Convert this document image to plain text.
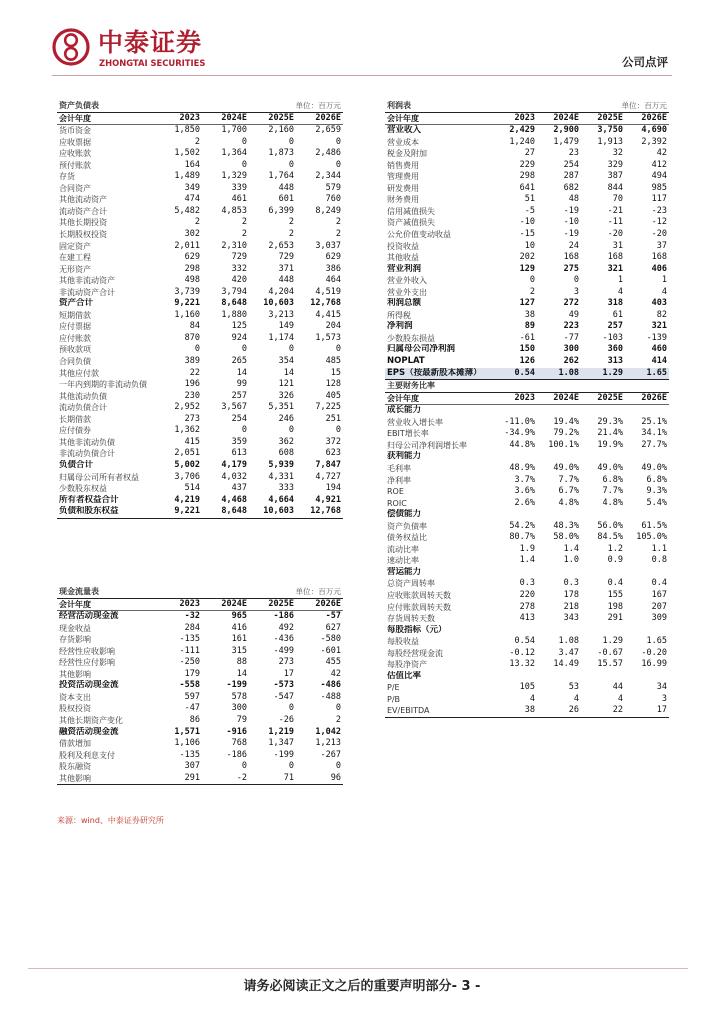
中泰证券
ZHONGTAI SECURITIES	公司点评
资产负债表		单位：百万元		
会计年度	2023	2024E	2025E	2026E
货币资金	1,850	1,700	2,160	2,659
应收票据	2	0	0	0
应收账款	1,502	1,364	1,873	2,486
预付账款	164	0	0	0
存货	1,489	1,329	1,764	2,344
合同资产	349	339	448	579
其他流动资产	474	461	601	760
流动资产合计	5,482	4,853	6,399	8,249
其他长期投资	2	2	2	2
长期股权投资	302	2	2	2
固定资产	2,011	2,310	2,653	3,037
在建工程	629	729	729	629
无形资产	298	332	371	386
其他非流动资产	498	420	448	464
非流动资产合计	3,739	3,794	4,204	4,519
资产合计	9,221	8,648	10,603	12,768
短期借款	1,160	1,880	3,213	4,415
应付票据	84	125	149	204
应付账款	870	924	1,174	1,573
预收款项	0	0	0	0
合同负债	389	265	354	485
其他应付款	22	14	14	15
一年内到期的非流动负债	196	99	121	128
其他流动负债	230	257	326	405
流动负债合计	2,952	3,567	5,351	7,225
长期借款	273	254	246	251
应付债券	1,362	0	0	0
其他非流动负债	415	359	362	372
非流动负债合计	2,051	613	608	623
负债合计	5,002	4,179	5,939	7,847
归属母公司所有者权益	3,706	4,032	4,331	4,727
少数股东权益	514	437	333	194
所有者权益合计	4,219	4,468	4,664	4,921
负债和股东权益	9,221	8,648	10,603	12,768
利润表		单位：百万元		
会计年度	2023	2024E	2025E	2026E
营业收入	2,429	2,900	3,750	4,690
营业成本	1,240	1,479	1,913	2,392
税金及附加	27	23	32	42
销售费用	229	254	329	412
管理费用	298	287	387	494
研发费用	641	682	844	985
财务费用	51	48	70	117
信用减值损失	-5	-19	-21	-23
资产减值损失	-10	-10	-11	-12
公允价值变动收益	-15	-19	-20	-20
投资收益	10	24	31	37
其他收益	202	168	168	168
营业利润	129	275	321	406
营业外收入	0	0	1	1
营业外支出	2	3	4	4
利润总额	127	272	318	403
所得税	38	49	61	82
净利润	89	223	257	321
少数股东损益	-61	-77	-103	-139
归属母公司净利润	150	300	360	460
NOPLAT	126	262	313	414
EPS（按最新股本摊薄）	0.54	1.08	1.29	1.65
主要财务比率				
会计年度	2023	2024E	2025E	2026E
成长能力				
营业收入增长率	-11.0%	19.4%	29.3%	25.1%
EBIT增长率	-34.9%	79.2%	21.4%	34.1%
归母公司净利润增长率	44.8%	100.1%	19.9%	27.7%
获利能力				
毛利率	48.9%	49.0%	49.0%	49.0%
净利率	3.7%	7.7%	6.8%	6.8%
ROE	3.6%	6.7%	7.7%	9.3%
ROIC	2.6%	4.8%	4.8%	5.4%
偿债能力				
资产负债率	54.2%	48.3%	56.0%	61.5%
债务权益比	80.7%	58.0%	84.5%	105.0%
流动比率	1.9	1.4	1.2	1.1
速动比率	1.4	1.0	0.9	0.8
营运能力				
总资产周转率	0.3	0.3	0.4	0.4
应收账款周转天数	220	178	155	167
应付账款周转天数	278	218	198	207
存货周转天数	413	343	291	309
每股指标（元）				
每股收益	0.54	1.08	1.29	1.65
每股经营现金流	-0.12	3.47	-0.67	-0.20
每股净资产	13.32	14.49	15.57	16.99
估值比率				
P/E	105	53	44	34
P/B	4	4	4	3
EV/EBITDA	38	26	22	17
现金流量表		单位：百万元		
会计年度	2023	2024E	2025E	2026E
经营活动现金流	-32	965	-186	-57
现金收益	284	416	492	627
存货影响	-135	161	-436	-580
经营性应收影响	-111	315	-499	-601
经营性应付影响	-250	88	273	455
其他影响	179	14	17	42
投资活动现金流	-558	-199	-573	-486
资本支出	597	578	-547	-488
股权投资	-47	300	0	0
其他长期资产变化	86	79	-26	2
融资活动现金流	1,571	-916	1,219	1,042
借款增加	1,106	768	1,347	1,213
股利及利息支付	-135	-186	-199	-267
股东融资	307	0	0	0
其他影响	291	-2	71	96
来源：wind、中泰证券研究所
请务必阅读正文之后的重要声明部分- 3 -
